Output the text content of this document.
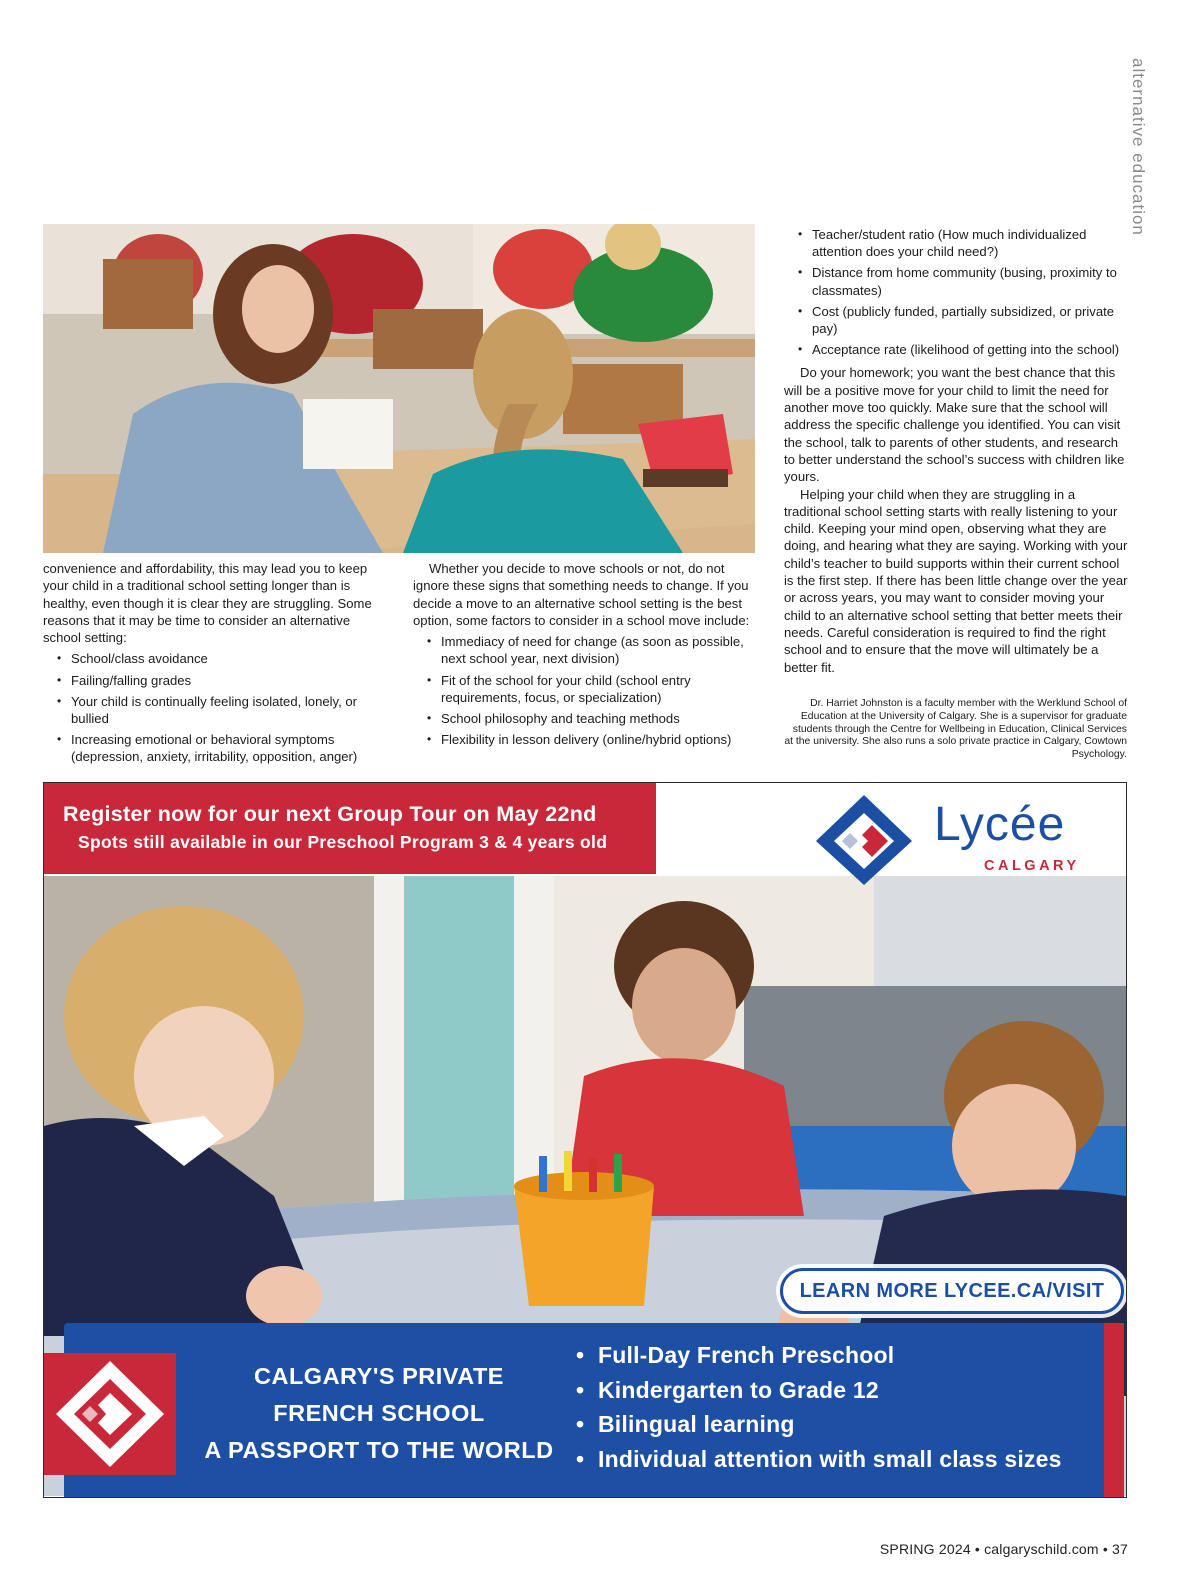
alternative education

convenience and affordability, this may lead you to keep your child in a traditional school setting longer than is healthy, even though it is clear they are struggling. Some reasons that it may be time to consider an alternative school setting:

• School/class avoidance
• Failing/falling grades
• Your child is continually feeling isolated, lonely, or bullied
• Increasing emotional or behavioral symptoms (depression, anxiety, irritability, opposition, anger)

Whether you decide to move schools or not, do not ignore these signs that something needs to change. If you decide a move to an alternative school setting is the best option, some factors to consider in a school move include:

• Immediacy of need for change (as soon as possible, next school year, next division)
• Fit of the school for your child (school entry requirements, focus, or specialization)
• School philosophy and teaching methods
• Flexibility in lesson delivery (online/hybrid options)
• Teacher/student ratio (How much individualized attention does your child need?)
• Distance from home community (busing, proximity to classmates)
• Cost (publicly funded, partially subsidized, or private pay)
• Acceptance rate (likelihood of getting into the school)

Do your homework; you want the best chance that this will be a positive move for your child to limit the need for another move too quickly. Make sure that the school will address the specific challenge you identified. You can visit the school, talk to parents of other students, and research to better understand the school’s success with children like yours.

Helping your child when they are struggling in a traditional school setting starts with really listening to your child. Keeping your mind open, observing what they are doing, and hearing what they are saying. Working with your child’s teacher to build supports within their current school is the first step. If there has been little change over the year or across years, you may want to consider moving your child to an alternative school setting that better meets their needs. Careful consideration is required to find the right school and to ensure that the move will ultimately be a better fit.

Dr. Harriet Johnston is a faculty member with the Werklund School of Education at the University of Calgary. She is a supervisor for graduate students through the Centre for Wellbeing in Education, Clinical Services at the university. She also runs a solo private practice in Calgary, Cowtown Psychology.
Register now for our next Group Tour on May 22nd
Spots still available in our Preschool Program 3 & 4 years old	Lycée
CALGARY
LEARN MORE LYCEE.CA/VISIT
CALGARY'S PRIVATE
FRENCH SCHOOL
A PASSPORT TO THE WORLD
• Full-Day French Preschool
• Kindergarten to Grade 12
• Bilingual learning
• Individual attention with small class sizes
SPRING 2024 • calgaryschild.com • 37
